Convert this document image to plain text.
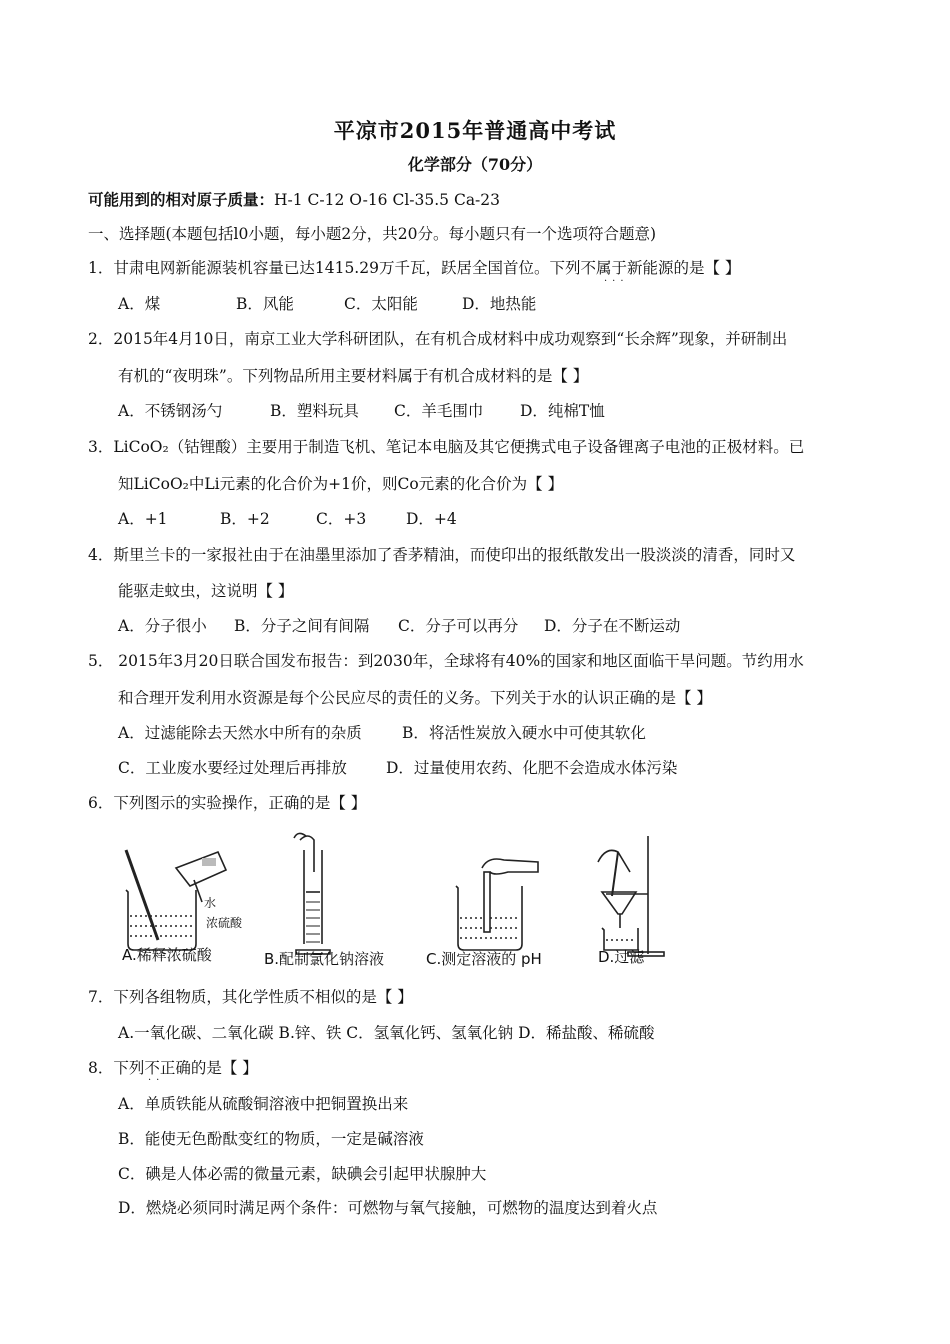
平凉市2015年普通高中考试
化学部分（70分）
可能用到的相对原子质量：H-1 C-12 O-16 Cl-35.5 Ca-23
一、选择题(本题包括l0小题，每小题2分，共20分。每小题只有一个选项符合题意)
1．甘肃电网新能源装机容量已达1415.29万千瓦，跃居全国首位。下列不属于新能源的是【 】
···
A．煤	B．风能	C．太阳能	D．地热能
2．2015年4月10日，南京工业大学科研团队，在有机合成材料中成功观察到“长余辉”现象，并研制出
有机的“夜明珠”。下列物品所用主要材料属于有机合成材料的是【 】
A．不锈钢汤勺	B．塑料玩具 C．羊毛围巾 D．纯棉T恤
3．LiCoO₂（钴锂酸）主要用于制造飞机、笔记本电脑及其它便携式电子设备锂离子电池的正极材料。已
知LiCoO₂中Li元素的化合价为+1价，则Co元素的化合价为【 】
A．+1	B．+2	C．+3	D．+4
4．斯里兰卡的一家报社由于在油墨里添加了香茅精油，而使印出的报纸散发出一股淡淡的清香，同时又
能驱走蚊虫，这说明【 】
A．分子很小 B．分子之间有间隔 C．分子可以再分 D．分子在不断运动
5． 2015年3月20日联合国发布报告：到2030年，全球将有40%的国家和地区面临干旱问题。节约用水
和合理开发利用水资源是每个公民应尽的责任的义务。下列关于水的认识正确的是【 】
A．过滤能除去天然水中所有的杂质	B．将活性炭放入硬水中可使其软化
C．工业废水要经过处理后再排放	D．过量使用农药、化肥不会造成水体污染
6．下列图示的实验操作，正确的是【 】
水
浓硫酸
A.稀释浓硫酸	B.配制氯化钠溶液	C.测定溶液的 pH	D.过滤
7．下列各组物质，其化学性质不相似的是【 】
A.一氧化碳、二氧化碳 B.锌、铁 C．氢氧化钙、氢氧化钠 D．稀盐酸、稀硫酸
8．下列不正确的是【 】
··
A．单质铁能从硫酸铜溶液中把铜置换出来
B．能使无色酚酞变红的物质，一定是碱溶液
C．碘是人体必需的微量元素，缺碘会引起甲状腺肿大
D．燃烧必须同时满足两个条件：可燃物与氧气接触，可燃物的温度达到着火点
